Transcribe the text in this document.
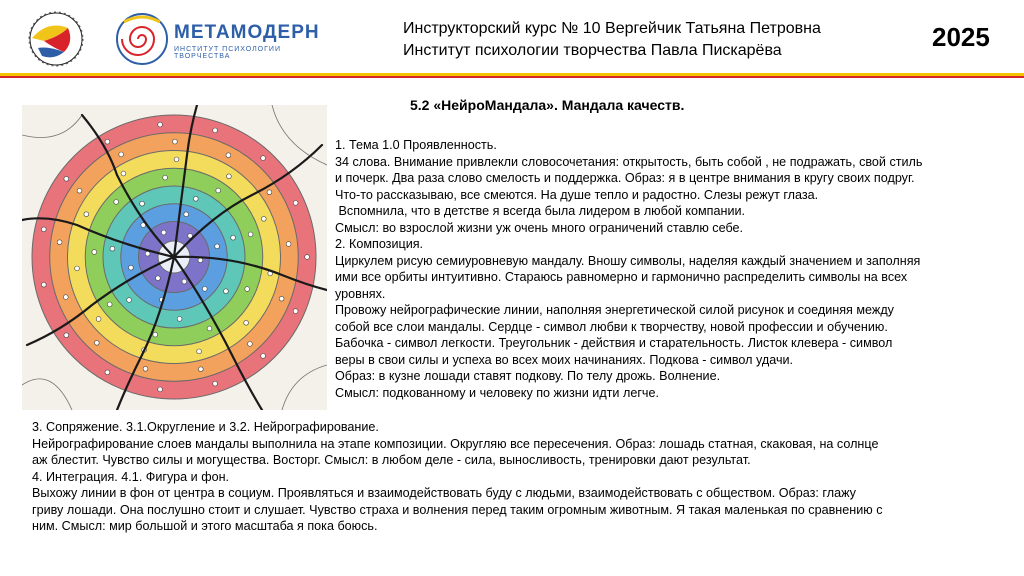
МЕТАМОДЕРН
ИНСТИТУТ ПСИХОЛОГИИ ТВОРЧЕСТВА
Инструкторский курс № 10 Вергейчик Татьяна Петровна
Институт психологии творчества Павла Пискарёва	2025
5.2 «НейроМандала». Мандала качеств.
1. Тема 1.0 Проявленность.
34 слова. Внимание привлекли словосочетания: открытость, быть собой , не подражать, свой стиль
и почерк. Два раза слово смелость и поддержка. Образ: я в центре внимания в кругу своих подруг.
Что-то рассказываю, все смеются. На душе тепло и радостно. Слезы режут глаза.
Вспомнила, что в детстве я всегда была лидером в любой компании.
Смысл: во взрослой жизни уж очень много ограничений ставлю себе.
2. Композиция.
Циркулем рисую семиуровневую мандалу. Вношу символы, наделяя каждый значением и заполняя
ими все орбиты интуитивно. Стараюсь равномерно и гармонично распределить символы на всех
уровнях.
Провожу нейрографические линии, наполняя энергетической силой рисунок и соединяя между
собой все слои мандалы. Сердце - символ любви к творчеству, новой профессии и обучению.
Бабочка - символ легкости. Треугольник - действия и старательность. Листок клевера - символ
веры в свои силы и успеха во всех моих начинаниях. Подкова - символ удачи.
Образ: в кузне лошади ставят подкову. По телу дрожь. Волнение.
Смысл: подкованному и человеку по жизни идти легче.
3. Сопряжение. 3.1.Округление и 3.2. Нейрографирование.
Нейрографирование слоев мандалы выполнила на этапе композиции. Округляю все пересечения. Образ: лошадь статная, скаковая, на солнце
аж блестит. Чувство силы и могущества. Восторг. Смысл: в любом деле - сила, выносливость, тренировки дают результат.
4. Интеграция. 4.1. Фигура и фон.
Выхожу линии в фон от центра в социум. Проявляться и взаимодействовать буду с людьми, взаимодействовать с обществом. Образ: глажу
гриву лошади. Она послушно стоит и слушает. Чувство страха и волнения перед таким огромным животным. Я такая маленькая по сравнению с
ним. Смысл: мир большой и этого масштаба я пока боюсь.
